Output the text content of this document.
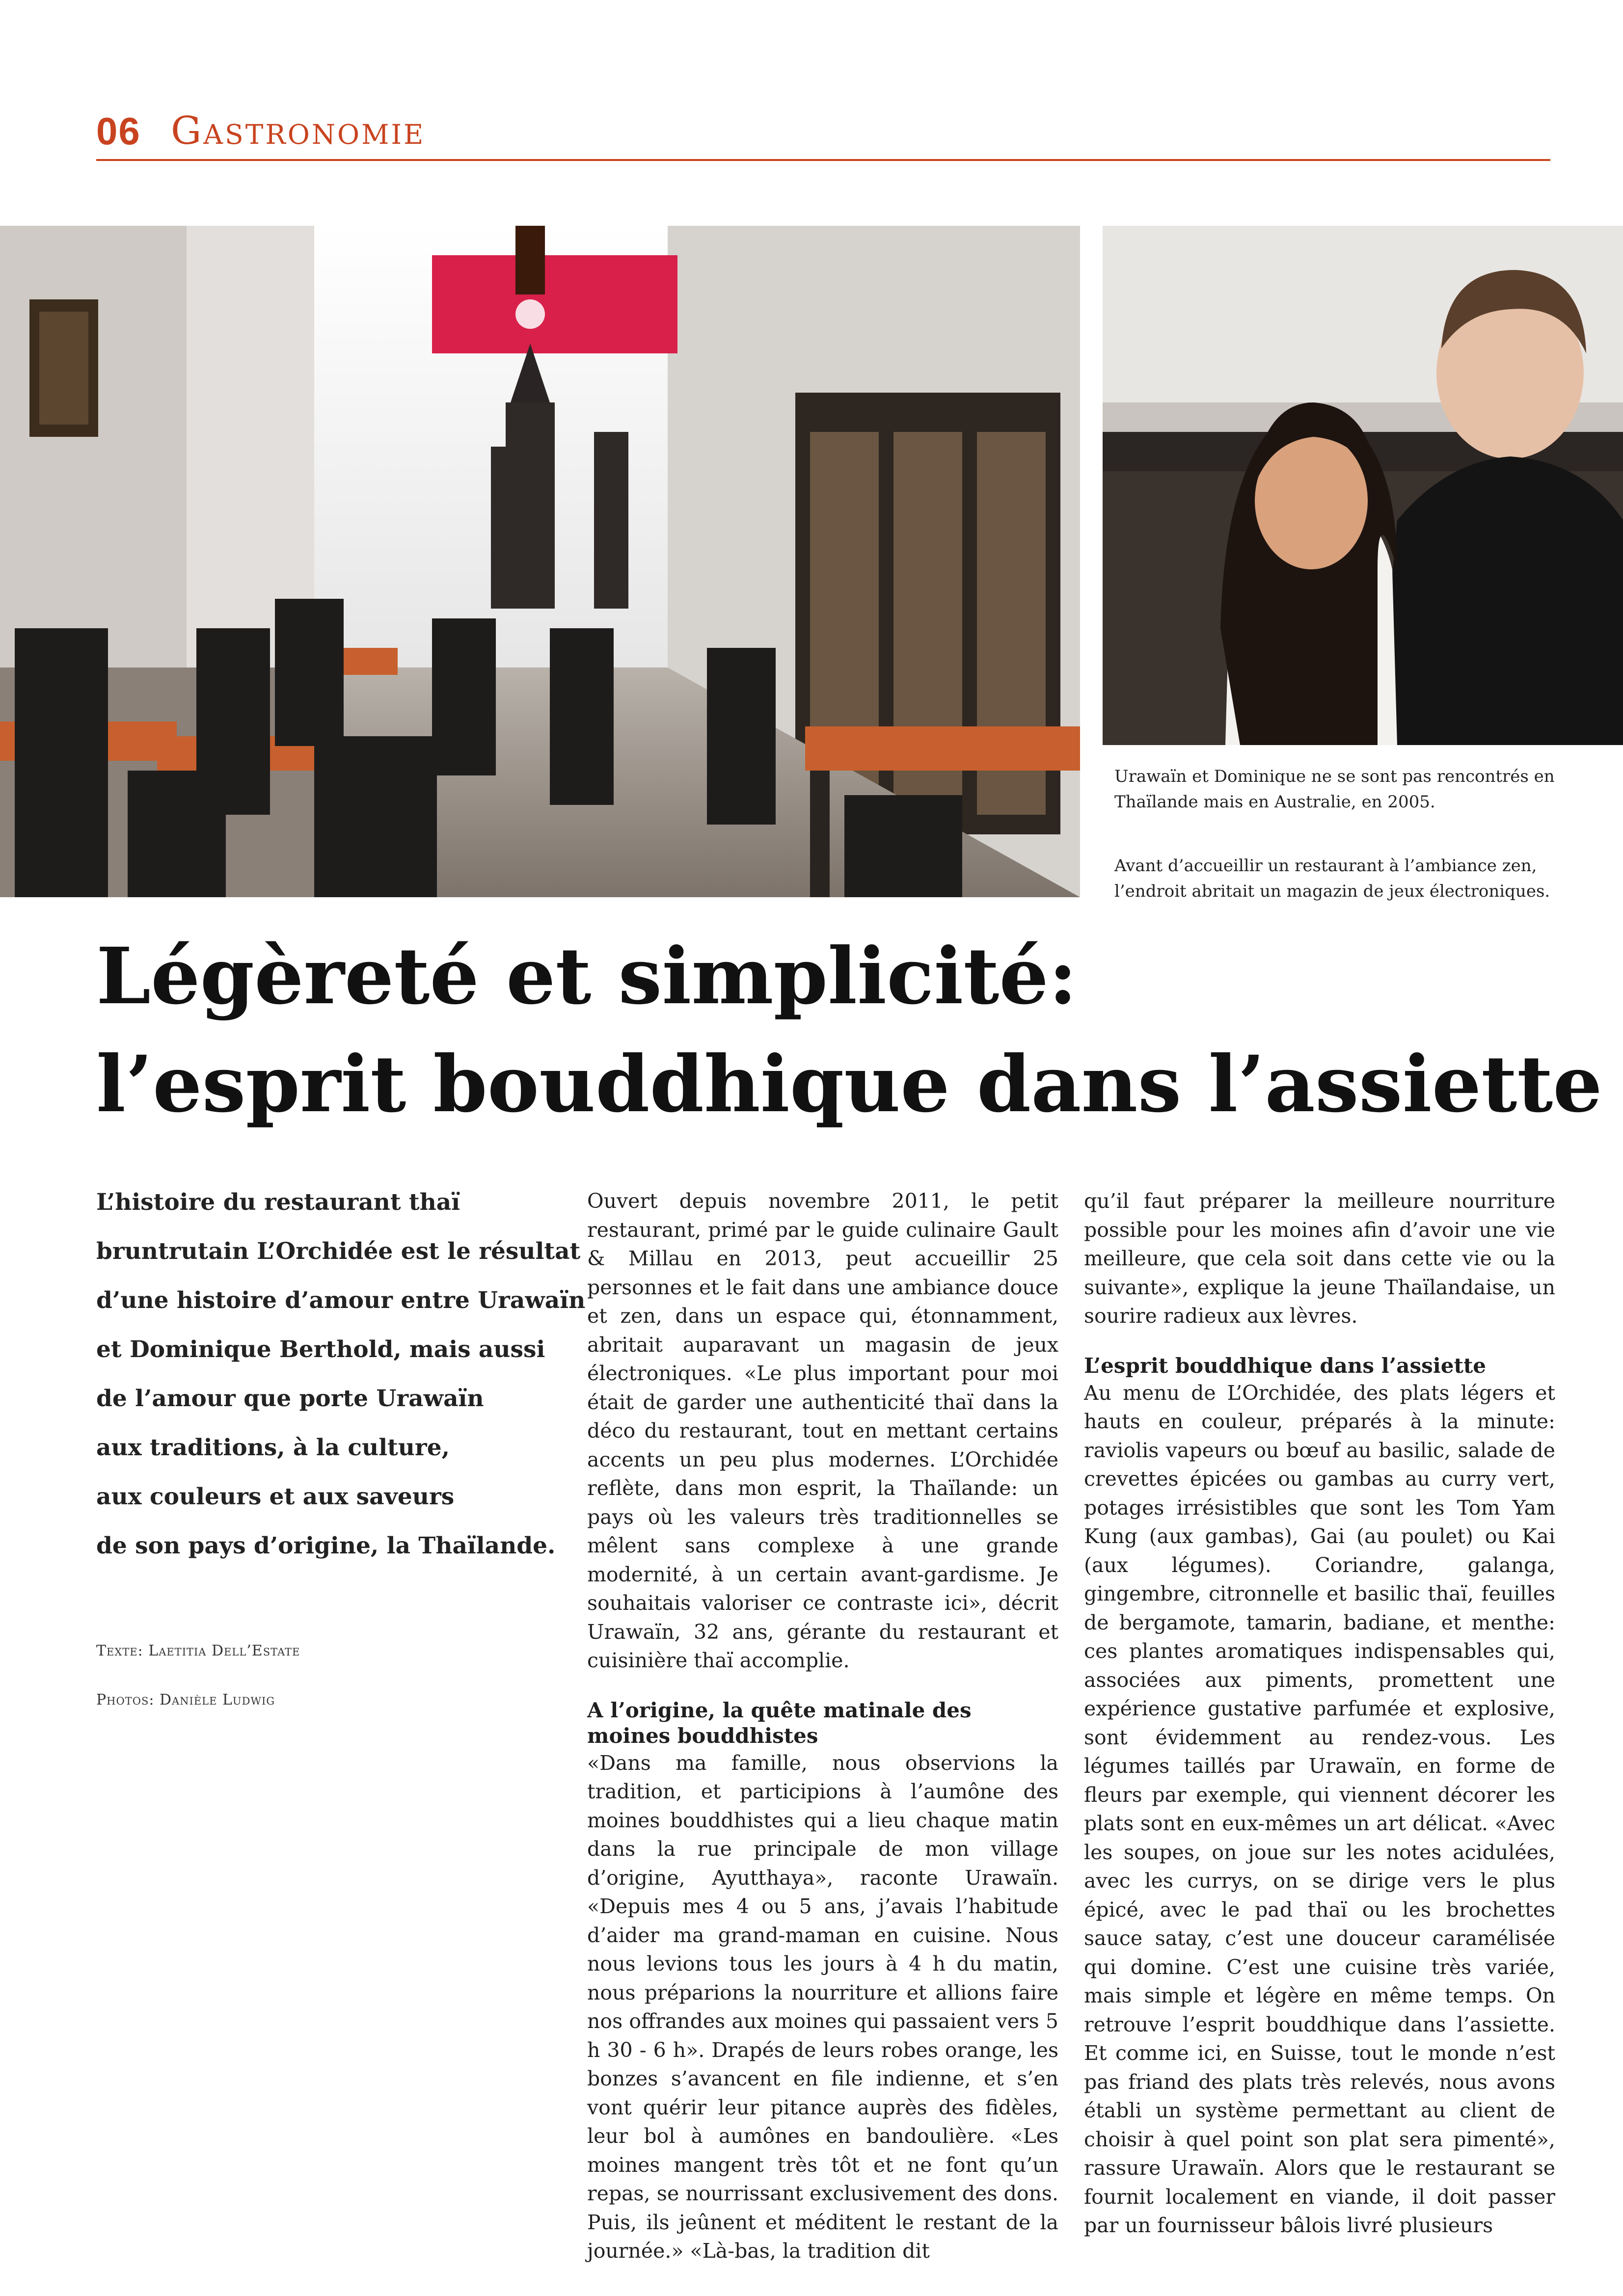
06 Gastronomie
Urawaïn et Dominique ne se sont pas rencontrés en Thaïlande mais en Australie, en 2005.
Avant d’accueillir un restaurant à l’ambiance zen, l’endroit abritait un magazin de jeux électroniques.
Légèreté et simplicité:
l’esprit bouddhique dans l’assiette
L’histoire du restaurant thaï
bruntrutain L’Orchidée est le résultat
d’une histoire d’amour entre Urawaïn
et Dominique Berthold, mais aussi
de l’amour que porte Urawaïn
aux traditions, à la culture,
aux couleurs et aux saveurs
de son pays d’origine, la Thaïlande.
Texte: Laetitia Dell’Estate
Photos: Danièle Ludwig

Ouvert depuis novembre 2011, le petit restaurant, primé par le guide culinaire Gault & Millau en 2013, peut accueillir 25 personnes et le fait dans une ambiance douce et zen, dans un espace qui, étonnamment, abritait auparavant un magasin de jeux électroniques. «Le plus important pour moi était de garder une authenticité thaï dans la déco du restaurant, tout en mettant certains accents un peu plus modernes. L’Orchidée reflète, dans mon esprit, la Thaïlande: un pays où les valeurs très traditionnelles se mêlent sans complexe à une grande modernité, à un certain avant-gardisme. Je souhaitais valoriser ce contraste ici», décrit Urawaïn, 32 ans, gérante du restaurant et cuisinière thaï accomplie.

A l’origine, la quête matinale des moines bouddhistes

«Dans ma famille, nous observions la tradition, et participions à l’aumône des moines bouddhistes qui a lieu chaque matin dans la rue principale de mon village d’origine, Ayutthaya», raconte Urawaïn. «Depuis mes 4 ou 5 ans, j’avais l’habitude d’aider ma grand-maman en cuisine. Nous nous levions tous les jours à 4 h du matin, nous préparions la nourriture et allions faire nos offrandes aux moines qui passaient vers 5 h 30 - 6 h». Drapés de leurs robes orange, les bonzes s’avancent en file indienne, et s’en vont quérir leur pitance auprès des fidèles, leur bol à aumônes en bandoulière. «Les moines mangent très tôt et ne font qu’un repas, se nourrissant exclusivement des dons. Puis, ils jeûnent et méditent le restant de la journée.» «Là-bas, la tradition dit

qu’il faut préparer la meilleure nourriture possible pour les moines afin d’avoir une vie meilleure, que cela soit dans cette vie ou la suivante», explique la jeune Thaïlandaise, un sourire radieux aux lèvres.

L’esprit bouddhique dans l’assiette

Au menu de L’Orchidée, des plats légers et hauts en couleur, préparés à la minute: raviolis vapeurs ou bœuf au basilic, salade de crevettes épicées ou gambas au curry vert, potages irrésistibles que sont les Tom Yam Kung (aux gambas), Gai (au poulet) ou Kai (aux légumes). Coriandre, galanga, gingembre, citronnelle et basilic thaï, feuilles de bergamote, tamarin, badiane, et menthe: ces plantes aromatiques indispensables qui, associées aux piments, promettent une expérience gustative parfumée et explosive, sont évidemment au rendez-vous. Les légumes taillés par Urawaïn, en forme de fleurs par exemple, qui viennent décorer les plats sont en eux-mêmes un art délicat. «Avec les soupes, on joue sur les notes acidulées, avec les currys, on se dirige vers le plus épicé, avec le pad thaï ou les brochettes sauce satay, c’est une douceur caramélisée qui domine. C’est une cuisine très variée, mais simple et légère en même temps. On retrouve l’esprit bouddhique dans l’assiette. Et comme ici, en Suisse, tout le monde n’est pas friand des plats très relevés, nous avons établi un système permettant au client de choisir à quel point son plat sera pimenté», rassure Urawaïn. Alors que le restaurant se fournit localement en viande, il doit passer par un fournisseur bâlois livré plusieurs
